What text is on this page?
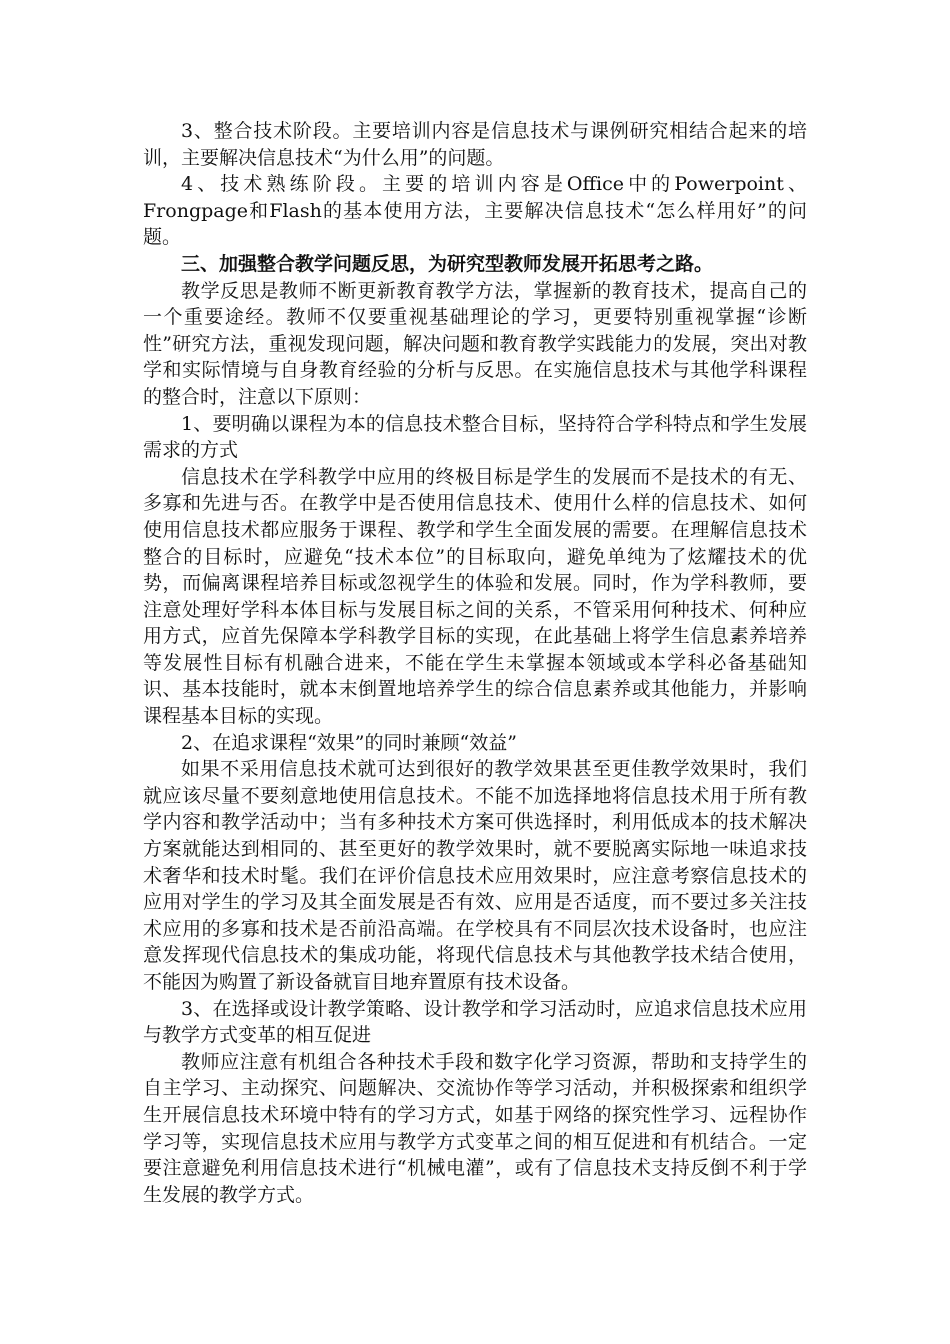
3、整合技术阶段。主要培训内容是信息技术与课例研究相结合起来的培训，主要解决信息技术“为什么用”的问题。

4、技术熟练阶段。主要的培训内容是Office中的Powerpoint、Frongpage和Flash的基本使用方法，主要解决信息技术“怎么样用好”的问题。

三、加强整合教学问题反思，为研究型教师发展开拓思考之路。

教学反思是教师不断更新教育教学方法，掌握新的教育技术，提高自己的一个重要途经。教师不仅要重视基础理论的学习，更要特别重视掌握“诊断性”研究方法，重视发现问题，解决问题和教育教学实践能力的发展，突出对教学和实际情境与自身教育经验的分析与反思。在实施信息技术与其他学科课程的整合时，注意以下原则：

1、要明确以课程为本的信息技术整合目标，坚持符合学科特点和学生发展需求的方式

信息技术在学科教学中应用的终极目标是学生的发展而不是技术的有无、多寡和先进与否。在教学中是否使用信息技术、使用什么样的信息技术、如何使用信息技术都应服务于课程、教学和学生全面发展的需要。在理解信息技术整合的目标时，应避免“技术本位”的目标取向，避免单纯为了炫耀技术的优势，而偏离课程培养目标或忽视学生的体验和发展。同时，作为学科教师，要注意处理好学科本体目标与发展目标之间的关系，不管采用何种技术、何种应用方式，应首先保障本学科教学目标的实现，在此基础上将学生信息素养培养等发展性目标有机融合进来，不能在学生未掌握本领域或本学科必备基础知识、基本技能时，就本末倒置地培养学生的综合信息素养或其他能力，并影响课程基本目标的实现。

2、在追求课程“效果”的同时兼顾“效益”

如果不采用信息技术就可达到很好的教学效果甚至更佳教学效果时，我们就应该尽量不要刻意地使用信息技术。不能不加选择地将信息技术用于所有教学内容和教学活动中；当有多种技术方案可供选择时，利用低成本的技术解决方案就能达到相同的、甚至更好的教学效果时，就不要脱离实际地一味追求技术奢华和技术时髦。我们在评价信息技术应用效果时，应注意考察信息技术的应用对学生的学习及其全面发展是否有效、应用是否适度，而不要过多关注技术应用的多寡和技术是否前沿高端。在学校具有不同层次技术设备时，也应注意发挥现代信息技术的集成功能，将现代信息技术与其他教学技术结合使用，不能因为购置了新设备就盲目地弃置原有技术设备。

3、在选择或设计教学策略、设计教学和学习活动时，应追求信息技术应用与教学方式变革的相互促进

教师应注意有机组合各种技术手段和数字化学习资源，帮助和支持学生的自主学习、主动探究、问题解决、交流协作等学习活动，并积极探索和组织学生开展信息技术环境中特有的学习方式，如基于网络的探究性学习、远程协作学习等，实现信息技术应用与教学方式变革之间的相互促进和有机结合。一定要注意避免利用信息技术进行“机械电灌”，或有了信息技术支持反倒不利于学生发展的教学方式。
